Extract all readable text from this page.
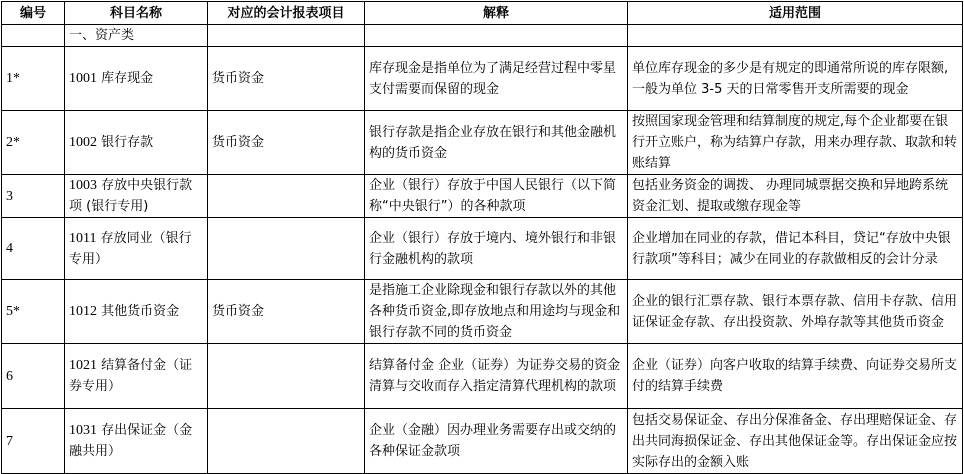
编号	科目名称	对应的会计报表项目	解释	适用范围
	一、资产类			
1*	1001 库存现金	货币资金	库存现金是指单位为了满足经营过程中零星支付需要而保留的现金	单位库存现金的多少是有规定的即通常所说的库存限额,一般为单位 3-5 天的日常零售开支所需要的现金
2*	1002 银行存款	货币资金	银行存款是指企业存放在银行和其他金融机构的货币资金	按照国家现金管理和结算制度的规定,每个企业都要在银行开立账户，称为结算户存款，用来办理存款、取款和转账结算
3	1003 存放中央银行款项 (银行专用)		企业（银行）存放于中国人民银行（以下简称“中央银行”）的各种款项	包括业务资金的调拨、 办理同城票据交换和异地跨系统资金汇划、提取或缴存现金等
4	1011 存放同业（银行专用）		企业（银行）存放于境内、境外银行和非银行金融机构的款项	企业增加在同业的存款，借记本科目，贷记“存放中央银行款项”等科目；减少在同业的存款做相反的会计分录
5*	1012 其他货币资金	货币资金	是指施工企业除现金和银行存款以外的其他各种货币资金,即存放地点和用途均与现金和银行存款不同的货币资金	企业的银行汇票存款、银行本票存款、信用卡存款、信用证保证金存款、存出投资款、外埠存款等其他货币资金
6	1021 结算备付金（证券专用）		结算备付金 企业（证券）为证券交易的资金清算与交收而存入指定清算代理机构的款项	企业（证券）向客户收取的结算手续费、向证券交易所支付的结算手续费
7	1031 存出保证金（金融共用）		企业（金融）因办理业务需要存出或交纳的各种保证金款项	包括交易保证金、存出分保准备金、存出理赔保证金、存出共同海损保证金、存出其他保证金等。存出保证金应按实际存出的金额入账
